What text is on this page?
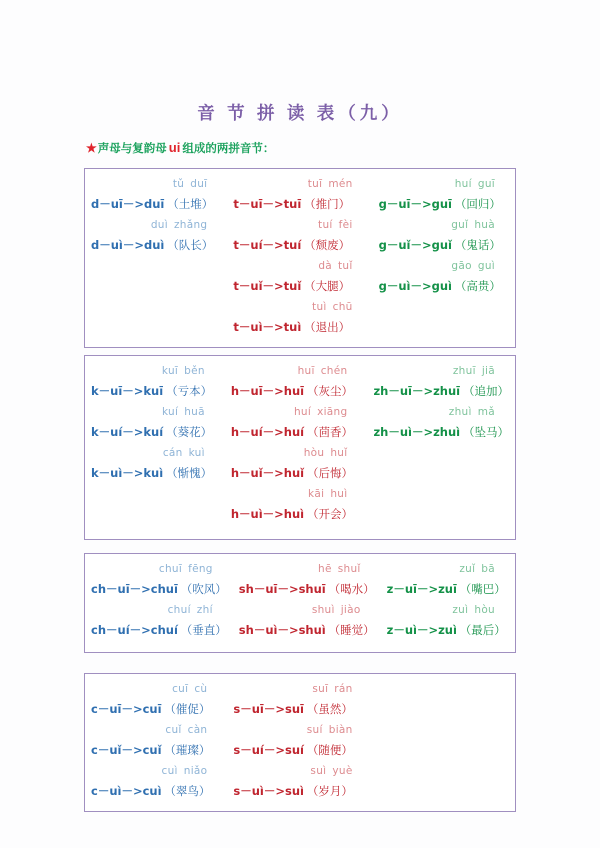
音 节 拼 读 表（九）
★声母与复韵母 ui 组成的两拼音节：
tǔ duī
d－uī－>duī （土堆）
duì zhǎng
d－uì－>duì （队长）
tuī mén
t－uī－>tuī （推门）
tuí fèi
t－uí－>tuí （颓废）
dà tuǐ
t－uǐ－>tuǐ （大腿）
tuì chū
t－uì－>tuì （退出）
huí guī
g－uī－>guī （回归）
guǐ huà
g－uǐ－>guǐ （鬼话）
gāo guì
g－uì－>guì （高贵）
kuī běn
k－uī－>kuī （亏本）
kuí huā
k－uí－>kuí （葵花）
cán kuì
k－uì－>kuì （惭愧）
huī chén
h－uī－>huī （灰尘）
huí xiāng
h－uí－>huí （茴香）
hòu huǐ
h－uǐ－>huǐ （后悔）
kāi huì
h－uì－>huì （开会）
zhuī jiā
zh－uī－>zhuī （追加）
zhuì mǎ
zh－uì－>zhuì （坠马）
chuī fēng
ch－uī－>chuī （吹风）
chuí zhí
ch－uí－>chuí （垂直）
hē shuǐ
sh－uī－>shuī （喝水）
shuì jiào
sh－uì－>shuì （睡觉）
zuǐ bā
z－uī－>zuī （嘴巴）
zuì hòu
z－uì－>zuì （最后）
cuī cù
c－uī－>cuī （催促）
cuǐ càn
c－uǐ－>cuǐ （璀璨）
cuì niǎo
c－uì－>cuì （翠鸟）
suī rán
s－uī－>suī （虽然）
suí biàn
s－uí－>suí （随便）
suì yuè
s－uì－>suì （岁月）
